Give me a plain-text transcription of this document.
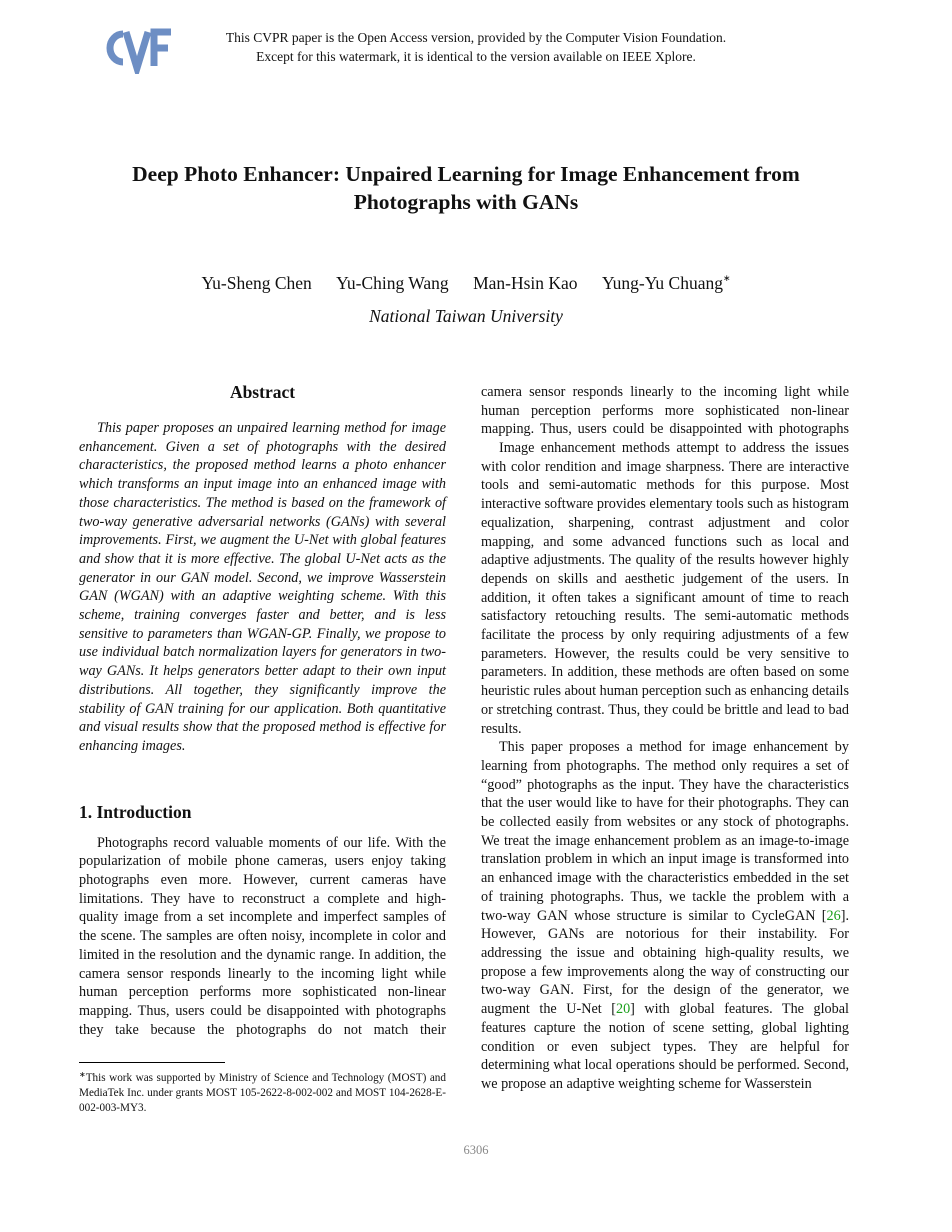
This CVPR paper is the Open Access version, provided by the Computer Vision Foundation.
Except for this watermark, it is identical to the version available on IEEE Xplore.
Deep Photo Enhancer: Unpaired Learning for Image Enhancement from Photographs with GANs
Yu-Sheng Chen Yu-Ching Wang Man-Hsin Kao Yung-Yu Chuang∗
National Taiwan University
Abstract

This paper proposes an unpaired learning method for image enhancement. Given a set of photographs with the desired characteristics, the proposed method learns a photo enhancer which transforms an input image into an enhanced image with those characteristics. The method is based on the framework of two-way generative adversarial networks (GANs) with several improvements. First, we augment the U-Net with global features and show that it is more effective. The global U-Net acts as the generator in our GAN model. Second, we improve Wasserstein GAN (WGAN) with an adaptive weighting scheme. With this scheme, training converges faster and better, and is less sensitive to parameters than WGAN-GP. Finally, we propose to use individual batch normalization layers for generators in two-way GANs. It helps generators better adapt to their own input distributions. All together, they significantly improve the stability of GAN training for our application. Both quantitative and visual results show that the proposed method is effective for enhancing images.

1. Introduction

Photographs record valuable moments of our life. With the popularization of mobile phone cameras, users enjoy taking photographs even more. However, current cameras have limitations. They have to reconstruct a complete and high-quality image from a set incomplete and imperfect samples of the scene. The samples are often noisy, incomplete in color and limited in the resolution and the dynamic range. In addition, the camera sensor responds linearly to the incoming light while human perception performs more sophisticated non-linear mapping. Thus, users could be disappointed with photographs they take because the photographs do not match their

camera sensor responds linearly to the incoming light while human perception performs more sophisticated non-linear mapping. Thus, users could be disappointed with photographs

Image enhancement methods attempt to address the issues with color rendition and image sharpness. There are interactive tools and semi-automatic methods for this purpose. Most interactive software provides elementary tools such as histogram equalization, sharpening, contrast adjustment and color mapping, and some advanced functions such as local and adaptive adjustments. The quality of the results however highly depends on skills and aesthetic judgement of the users. In addition, it often takes a significant amount of time to reach satisfactory retouching results. The semi-automatic methods facilitate the process by only requiring adjustments of a few parameters. However, the results could be very sensitive to parameters. In addition, these methods are often based on some heuristic rules about human perception such as enhancing details or stretching contrast. Thus, they could be brittle and lead to bad results.

This paper proposes a method for image enhancement by learning from photographs. The method only requires a set of “good” photographs as the input. They have the characteristics that the user would like to have for their photographs. They can be collected easily from websites or any stock of photographs. We treat the image enhancement problem as an image-to-image translation problem in which an input image is transformed into an enhanced image with the characteristics embedded in the set of training photographs. Thus, we tackle the problem with a two-way GAN whose structure is similar to CycleGAN [26]. However, GANs are notorious for their instability. For addressing the issue and obtaining high-quality results, we propose a few improvements along the way of constructing our two-way GAN. First, for the design of the generator, we augment the U-Net [20] with global features. The global features capture the notion of scene setting, global lighting condition or even subject types. They are helpful for determining what local operations should be performed. Second, we propose an adaptive weighting scheme for Wasserstein

∗This work was supported by Ministry of Science and Technology (MOST) and MediaTek Inc. under grants MOST 105-2622-8-002-002 and MOST 104-2628-E-002-003-MY3.
6306
